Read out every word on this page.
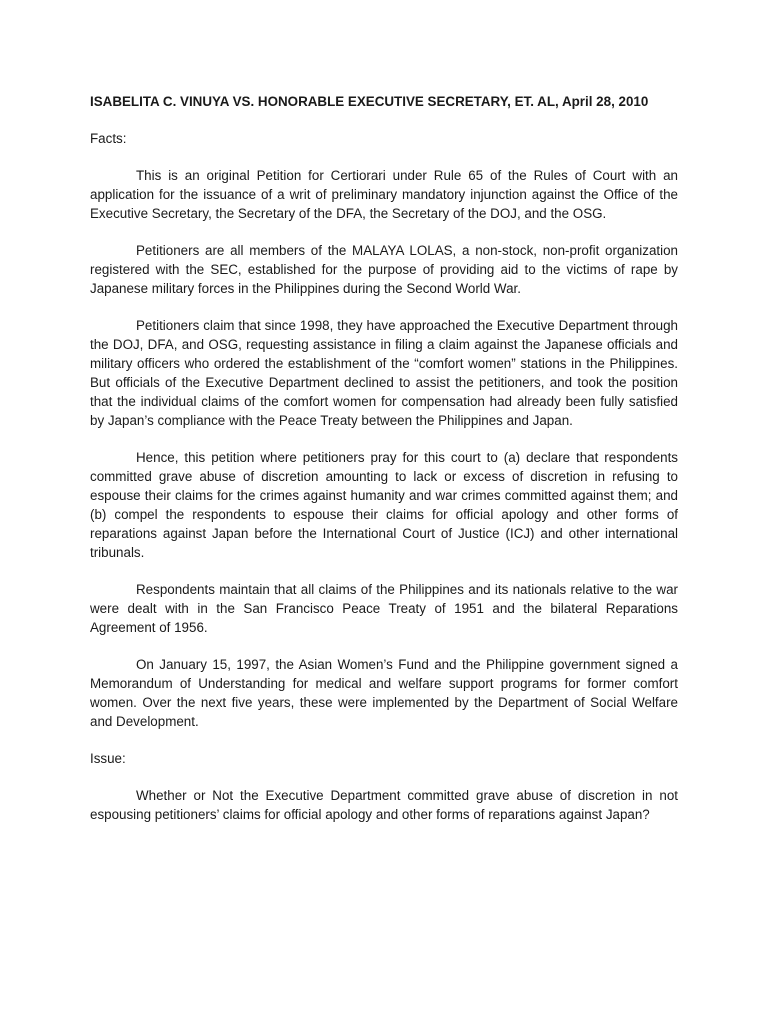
ISABELITA C. VINUYA VS. HONORABLE EXECUTIVE SECRETARY, ET. AL, April 28, 2010
Facts:

This is an original Petition for Certiorari under Rule 65 of the Rules of Court with an application for the issuance of a writ of preliminary mandatory injunction against the Office of the Executive Secretary, the Secretary of the DFA, the Secretary of the DOJ, and the OSG.

Petitioners are all members of the MALAYA LOLAS, a non-stock, non-profit organization registered with the SEC, established for the purpose of providing aid to the victims of rape by Japanese military forces in the Philippines during the Second World War.

Petitioners claim that since 1998, they have approached the Executive Department through the DOJ, DFA, and OSG, requesting assistance in filing a claim against the Japanese officials and military officers who ordered the establishment of the “comfort women” stations in the Philippines. But officials of the Executive Department declined to assist the petitioners, and took the position that the individual claims of the comfort women for compensation had already been fully satisfied by Japan’s compliance with the Peace Treaty between the Philippines and Japan.

Hence, this petition where petitioners pray for this court to (a) declare that respondents committed grave abuse of discretion amounting to lack or excess of discretion in refusing to espouse their claims for the crimes against humanity and war crimes committed against them; and (b) compel the respondents to espouse their claims for official apology and other forms of reparations against Japan before the International Court of Justice (ICJ) and other international tribunals.

Respondents maintain that all claims of the Philippines and its nationals relative to the war were dealt with in the San Francisco Peace Treaty of 1951 and the bilateral Reparations Agreement of 1956.

On January 15, 1997, the Asian Women’s Fund and the Philippine government signed a Memorandum of Understanding for medical and welfare support programs for former comfort women. Over the next five years, these were implemented by the Department of Social Welfare and Development.

Issue:

Whether or Not the Executive Department committed grave abuse of discretion in not espousing petitioners’ claims for official apology and other forms of reparations against Japan?
